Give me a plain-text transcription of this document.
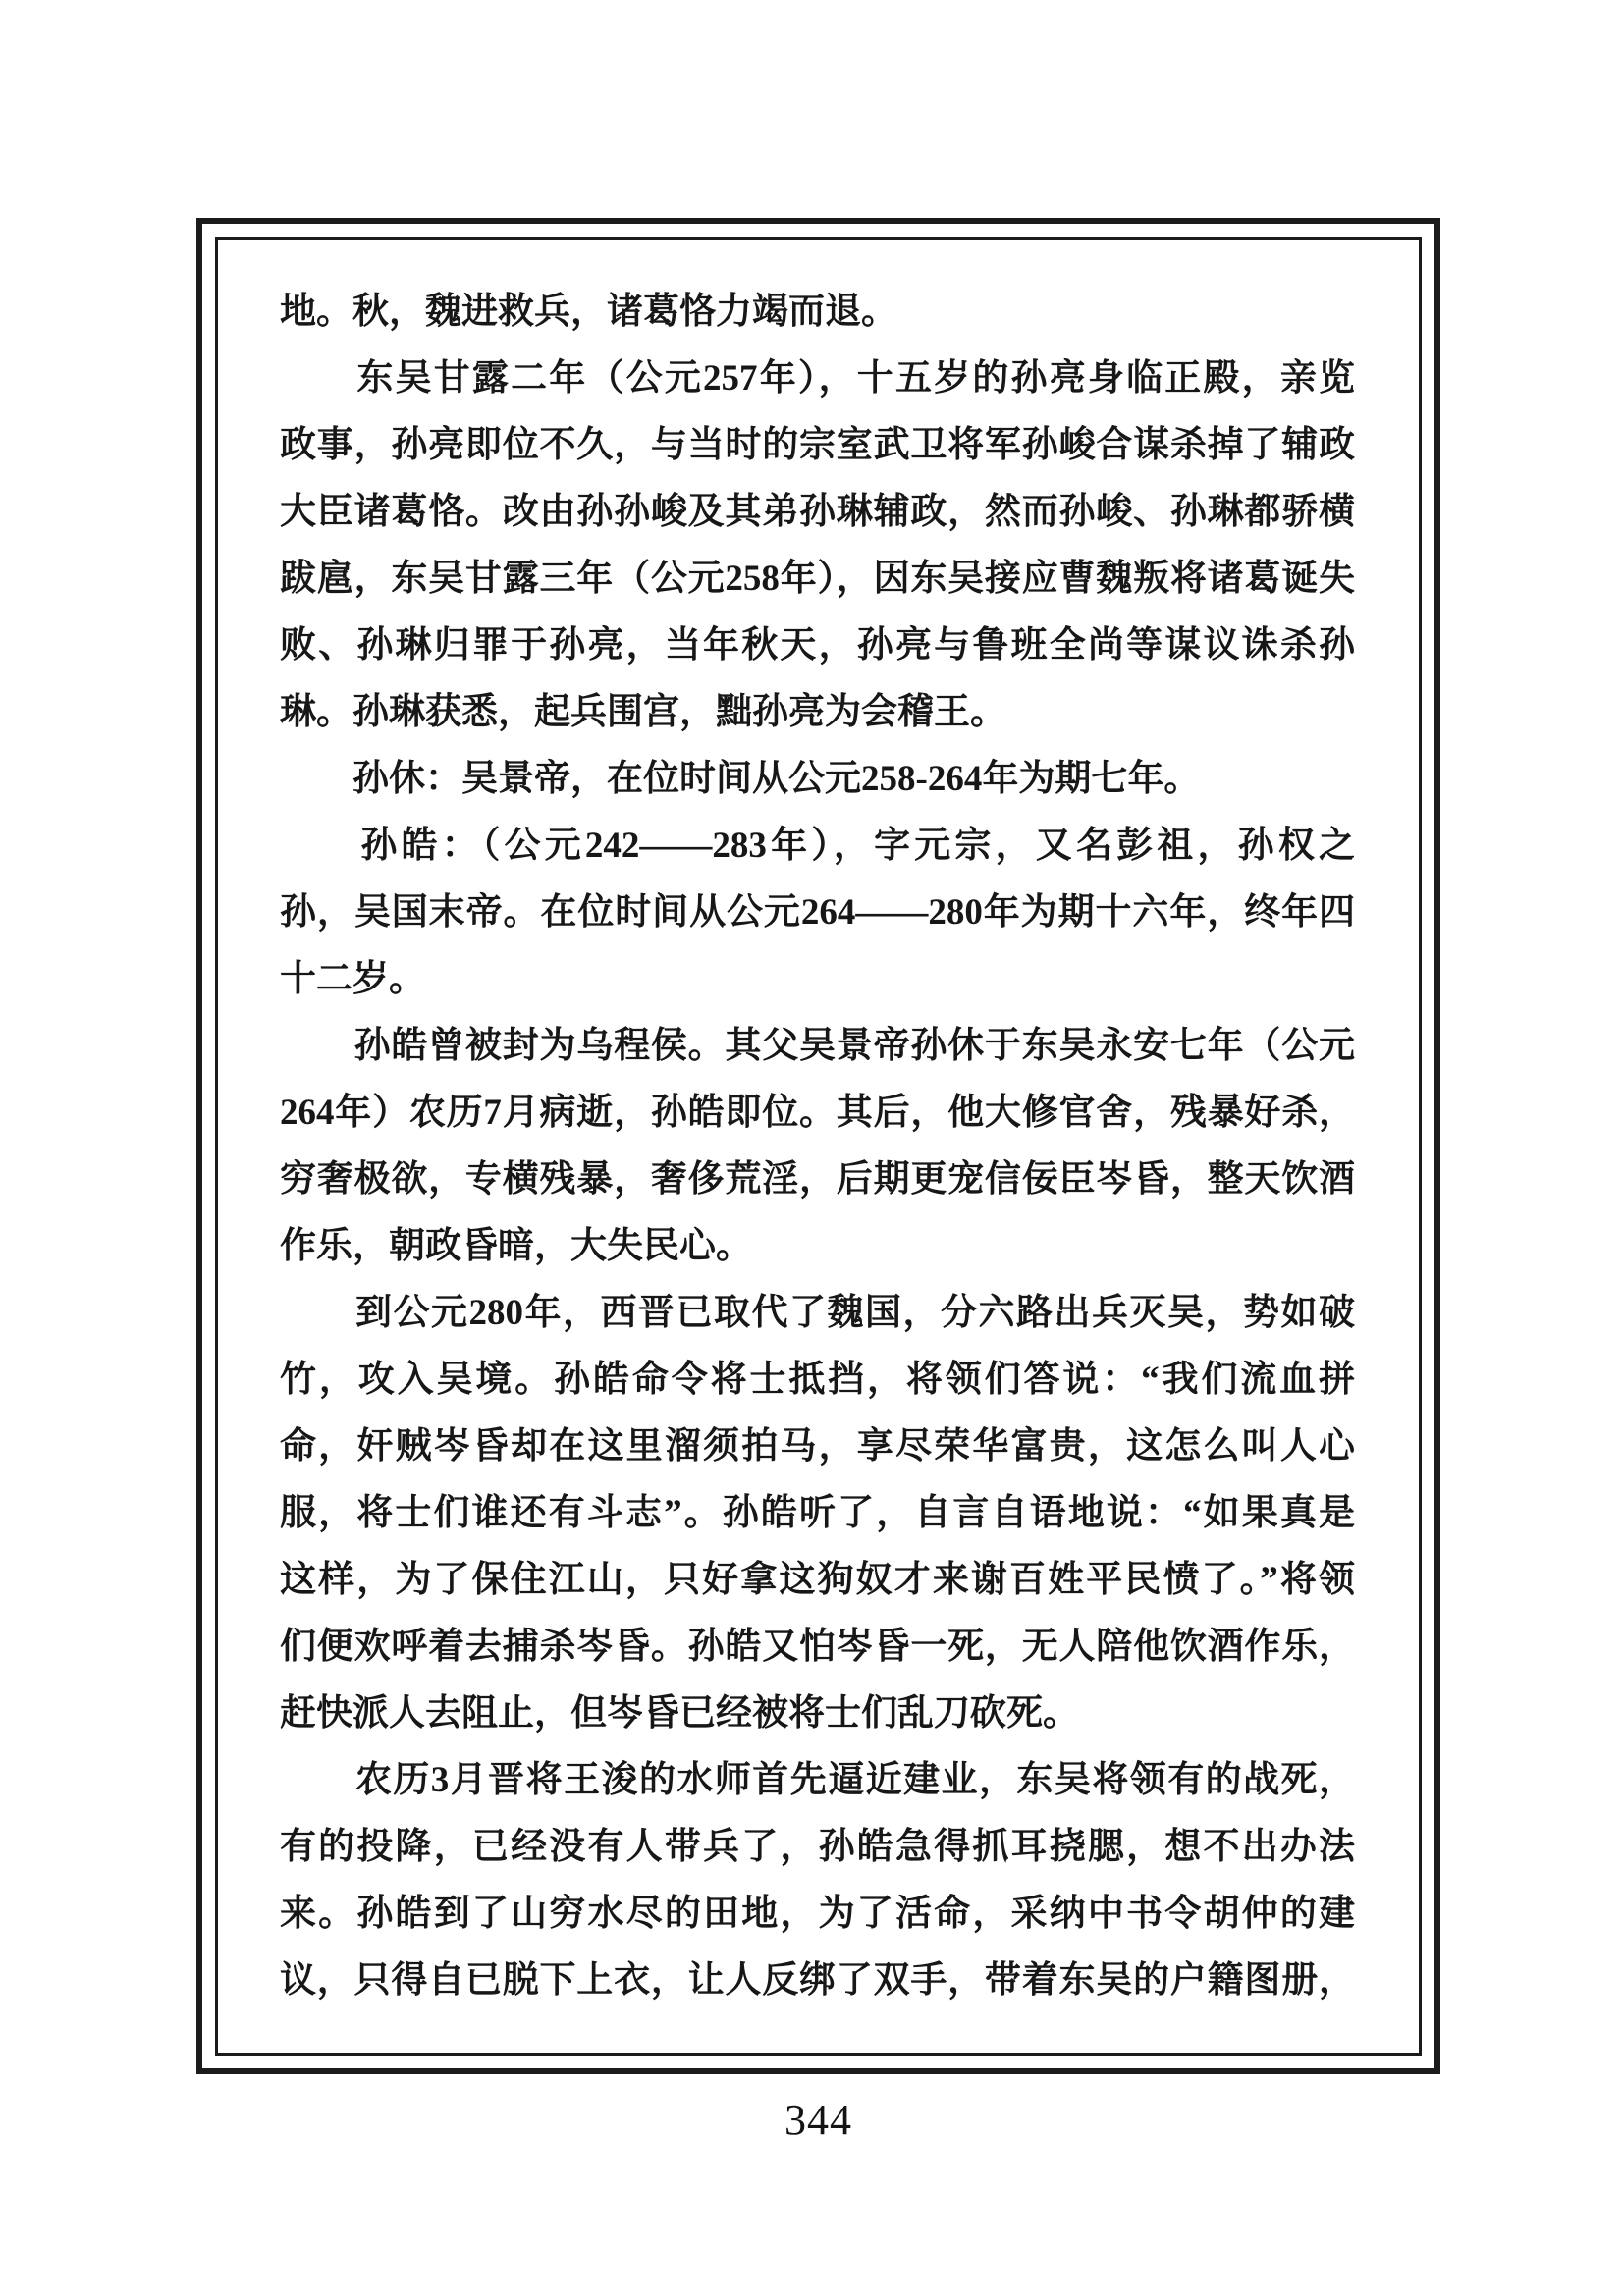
地。秋，魏进救兵，诸葛恪力竭而退。
　　东吴甘露二年（公元257年），十五岁的孙亮身临正殿，亲览
政事，孙亮即位不久，与当时的宗室武卫将军孙峻合谋杀掉了辅政
大臣诸葛恪。改由孙孙峻及其弟孙琳辅政，然而孙峻、孙琳都骄横
跋扈，东吴甘露三年（公元258年），因东吴接应曹魏叛将诸葛诞失
败、孙琳归罪于孙亮，当年秋天，孙亮与鲁班全尚等谋议诛杀孙
琳。孙琳获悉，起兵围宫，黜孙亮为会稽王。
　　孙休：吴景帝，在位时间从公元258-264年为期七年。
　　孙皓：（公元242——283年），字元宗，又名彭祖，孙权之
孙，吴国末帝。在位时间从公元264——280年为期十六年，终年四
十二岁。
　　孙皓曾被封为乌程侯。其父吴景帝孙休于东吴永安七年（公元
264年）农历7月病逝，孙皓即位。其后，他大修官舍，残暴好杀，
穷奢极欲，专横残暴，奢侈荒淫，后期更宠信佞臣岑昏，整天饮酒
作乐，朝政昏暗，大失民心。
　　到公元280年，西晋已取代了魏国，分六路出兵灭吴，势如破
竹，攻入吴境。孙皓命令将士抵挡，将领们答说：“我们流血拼
命，奸贼岑昏却在这里溜须拍马，享尽荣华富贵，这怎么叫人心
服，将士们谁还有斗志”。孙皓听了，自言自语地说：“如果真是
这样，为了保住江山，只好拿这狗奴才来谢百姓平民愤了。”将领
们便欢呼着去捕杀岑昏。孙皓又怕岑昏一死，无人陪他饮酒作乐，
赶快派人去阻止，但岑昏已经被将士们乱刀砍死。
　　农历3月晋将王浚的水师首先逼近建业，东吴将领有的战死，
有的投降，已经没有人带兵了，孙皓急得抓耳挠腮，想不出办法
来。孙皓到了山穷水尽的田地，为了活命，采纳中书令胡仲的建
议，只得自已脱下上衣，让人反绑了双手，带着东吴的户籍图册，
344
